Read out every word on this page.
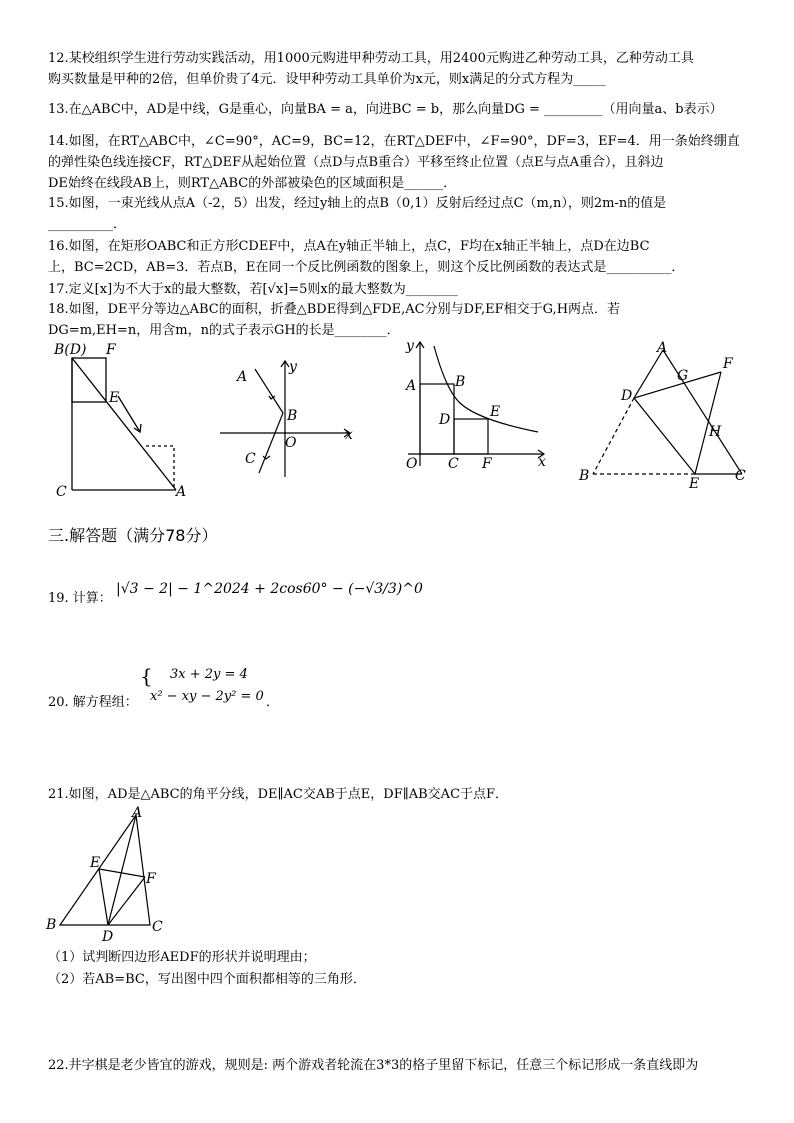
12.某校组织学生进行劳动实践活动，用1000元购进甲种劳动工具，用2400元购进乙种劳动工具，乙种劳动工具
购买数量是甲种的2倍，但单价贵了4元．设甲种劳动工具单价为x元，则x满足的分式方程为_____
13.在△ABC中，AD是中线，G是重心，向量BA = a，向进BC = b，那么向量DG = _________（用向量a、b表示）
14.如图，在RT△ABC中，∠C=90°，AC=9，BC=12，在RT△DEF中，∠F=90°，DF=3，EF=4．用一条始终绷直
的弹性染色线连接CF，RT△DEF从起始位置（点D与点B重合）平移至终止位置（点E与点A重合），且斜边
DE始终在线段AB上，则RT△ABC的外部被染色的区域面积是______．
15.如图，一束光线从点A（-2，5）出发，经过y轴上的点B（0,1）反射后经过点C（m,n），则2m-n的值是
__________．
16.如图，在矩形OABC和正方形CDEF中，点A在y轴正半轴上，点C，F均在x轴正半轴上，点D在边BC
上，BC=2CD，AB=3．若点B，E在同一个反比例函数的图象上，则这个反比例函数的表达式是__________．
17.定义[x]为不大于x的最大整数，若[√x]=5则x的最大整数为________
18.如图，DE平分等边△ABC的面积，折叠△BDE得到△FDE,AC分别与DF,EF相交于G,H两点．若
DG=m,EH=n，用含m，n的式子表示GH的长是________．
B(D) F
E
C	A
A
y
B
O	x
C
y
A	B
D	E
O C F	x
A
F
D
G
H
B	E	C
三.解答题（满分78分）
19. 计算：
|√3 − 2| − 1^2024 + 2cos60° − (−√3/3)^0
20. 解方程组：
{ 3x + 2y = 4
x² − xy − 2y² = 0 ．
21.如图，AD是△ABC的角平分线，DE∥AC交AB于点E，DF∥AB交AC于点F．
A
E
F
B
D
C
（1）试判断四边形AEDF的形状并说明理由；
（2）若AB=BC，写出图中四个面积都相等的三角形．
22.井字棋是老少皆宜的游戏，规则是: 两个游戏者轮流在3*3的格子里留下标记，任意三个标记形成一条直线即为
